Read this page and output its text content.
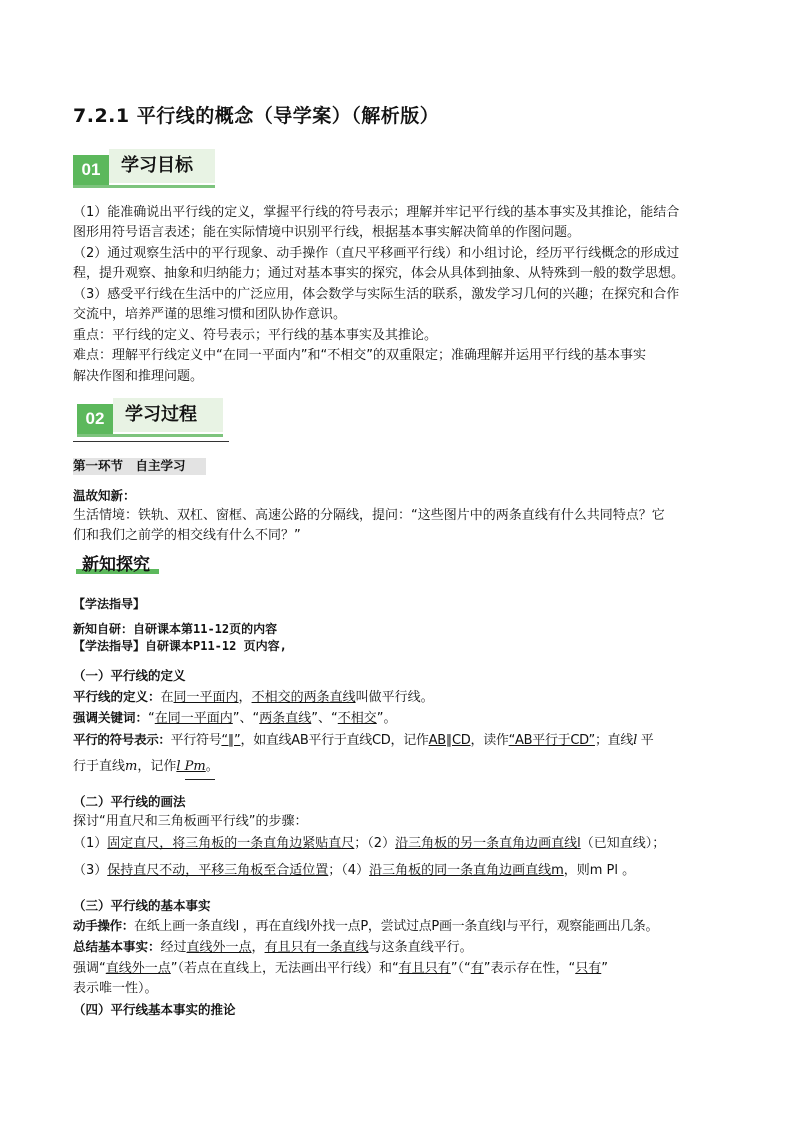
7.2.1 平行线的概念（导学案）（解析版）
01	学习目标
（1）能准确说出平行线的定义，掌握平行线的符号表示；理解并牢记平行线的基本事实及其推论，能结合
图形用符号语言表述；能在实际情境中识别平行线，根据基本事实解决简单的作图问题。
（2）通过观察生活中的平行现象、动手操作（直尺平移画平行线）和小组讨论，经历平行线概念的形成过
程，提升观察、抽象和归纳能力；通过对基本事实的探究，体会从具体到抽象、从特殊到一般的数学思想。
（3）感受平行线在生活中的广泛应用，体会数学与实际生活的联系，激发学习几何的兴趣；在探究和合作
交流中，培养严谨的思维习惯和团队协作意识。
重点：平行线的定义、符号表示；平行线的基本事实及其推论。
难点：理解平行线定义中“在同一平面内”和“不相交”的双重限定；准确理解并运用平行线的基本事实
解决作图和推理问题。
02	学习过程
第一环节　自主学习
温故知新：
生活情境：铁轨、双杠、窗框、高速公路的分隔线，提问：“这些图片中的两条直线有什么共同特点？它
们和我们之前学的相交线有什么不同？”
新知探究
【学法指导】
新知自研：自研课本第11-12页的内容
【学法指导】自研课本P11-12 页内容,
（一）平行线的定义
平行线的定义：在同一平面内，不相交的两条直线叫做平行线。
强调关键词：“在同一平面内”、“两条直线”、“不相交”。
平行的符号表示：平行符号“∥”，如直线AB平行于直线CD，记作AB∥CD，读作“AB平行于CD”；直线l 平
行于直线m，记作l Pm。
（二）平行线的画法
探讨“用直尺和三角板画平行线”的步骤：
（1）固定直尺，将三角板的一条直角边紧贴直尺；（2）沿三角板的另一条直角边画直线l（已知直线）；
（3）保持直尺不动，平移三角板至合适位置；（4）沿三角板的同一条直角边画直线m，则m Pl 。
（三）平行线的基本事实
动手操作：在纸上画一条直线l ，再在直线l外找一点P，尝试过点P画一条直线l与平行，观察能画出几条。
总结基本事实：经过直线外一点，有且只有一条直线与这条直线平行。
强调“直线外一点”（若点在直线上，无法画出平行线）和“有且只有”（“有”表示存在性，“只有”
表示唯一性）。
（四）平行线基本事实的推论
